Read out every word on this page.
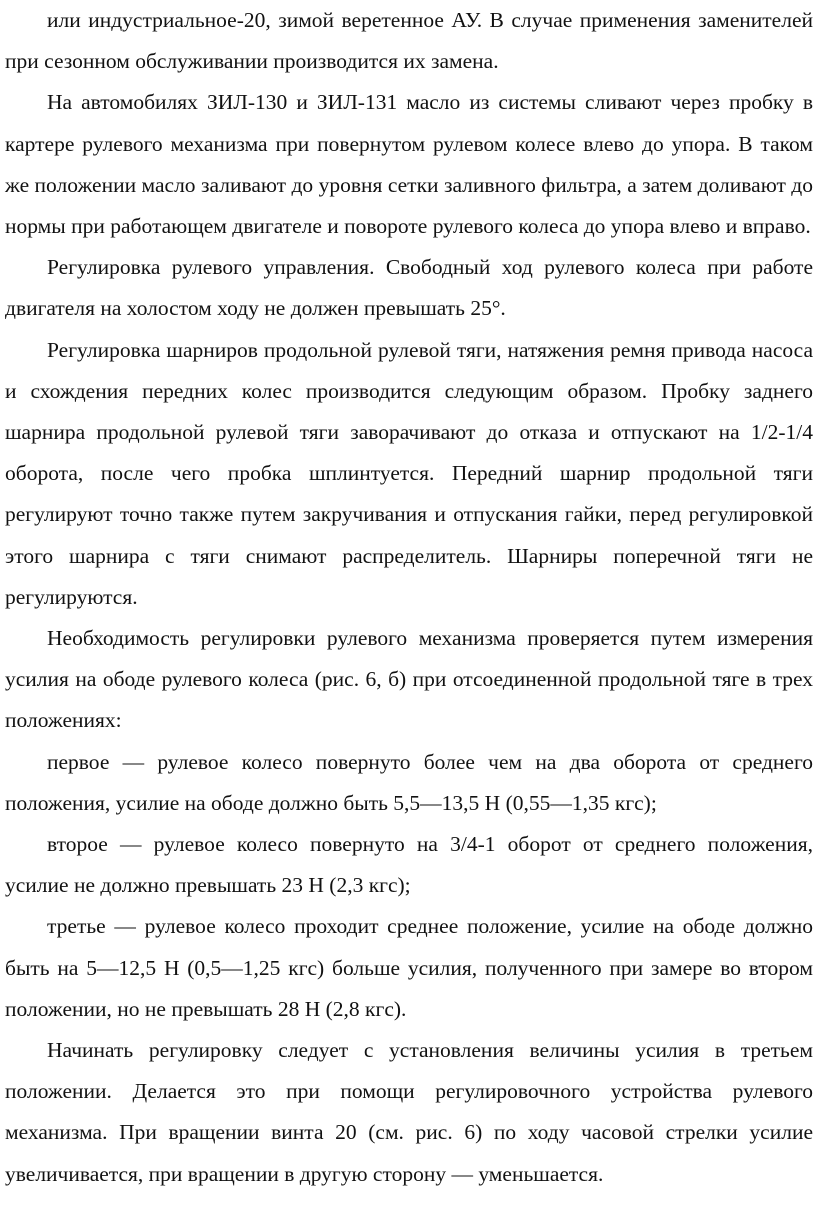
или индустриальное-20, зимой веретенное АУ. В случае применения заменителей при сезонном обслуживании производится их замена.

На автомобилях ЗИЛ-130 и ЗИЛ-131 масло из системы сливают через пробку в картере рулевого механизма при повернутом рулевом колесе влево до упора. В таком же положении масло заливают до уровня сетки заливного фильтра, а затем доливают до нормы при работающем двигателе и повороте рулевого колеса до упора влево и вправо.

Регулировка рулевого управления. Свободный ход рулевого колеса при работе двигателя на холостом ходу не должен превышать 25°.

Регулировка шарниров продольной рулевой тяги, натяжения ремня привода насоса и схождения передних колес производится следующим образом. Пробку заднего шарнира продольной рулевой тяги заворачивают до отказа и отпускают на 1/2-1/4 оборота, после чего пробка шплинтуется. Передний шарнир продольной тяги регулируют точно также путем закручивания и отпускания гайки, перед регулировкой этого шарнира с тяги снимают распределитель. Шарниры поперечной тяги не регулируются.

Необходимость регулировки рулевого механизма проверяется путем измерения усилия на ободе рулевого колеса (рис. 6, б) при отсоединенной продольной тяге в трех положениях:

первое — рулевое колесо повернуто более чем на два оборота от среднего положения, усилие на ободе должно быть 5,5—13,5 Н (0,55—1,35 кгс);

второе — рулевое колесо повернуто на 3/4-1 оборот от среднего положения, усилие не должно превышать 23 Н (2,3 кгс);

третье — рулевое колесо проходит среднее положение, усилие на ободе должно быть на 5—12,5 Н (0,5—1,25 кгс) больше усилия, полученного при замере во втором положении, но не превышать 28 Н (2,8 кгс).

Начинать регулировку следует с установления величины усилия в третьем положении. Делается это при помощи регулировочного устройства рулевого механизма. При вращении винта 20 (см. рис. 6) по ходу часовой стрелки усилие увеличивается, при вращении в другую сторону — уменьшается.
